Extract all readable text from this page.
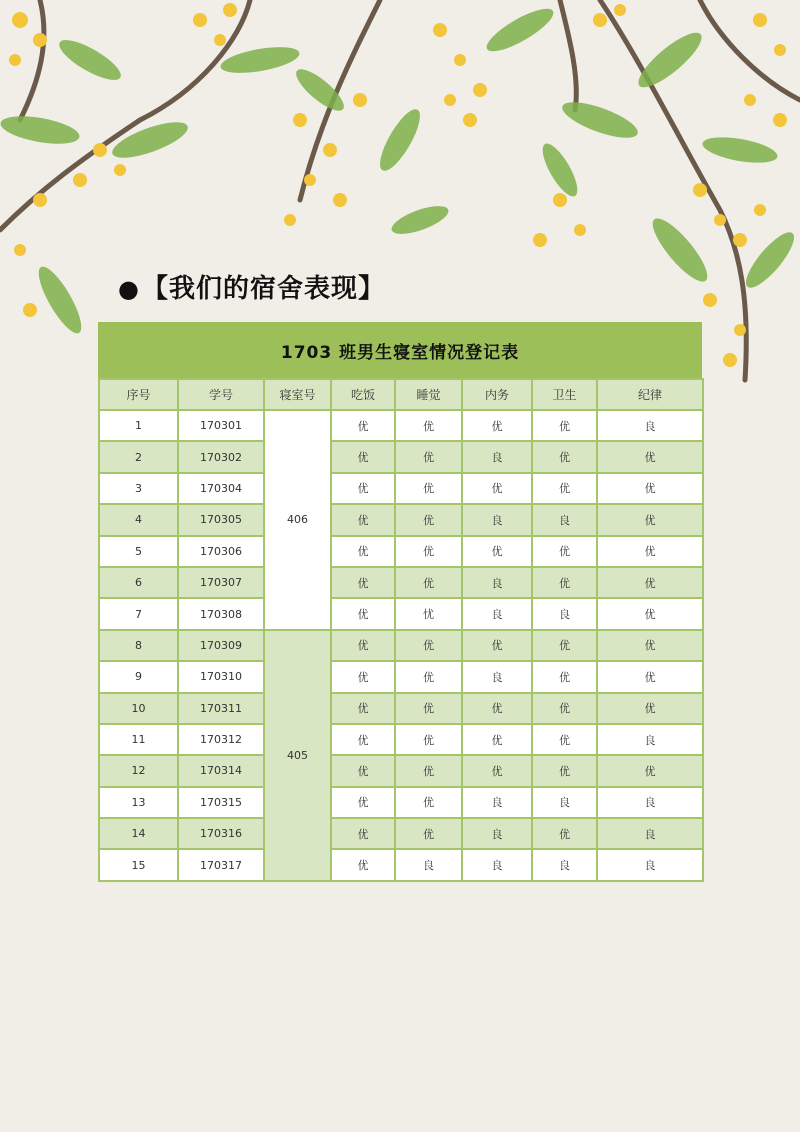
●【我们的宿舍表现】
1703 班男生寝室情况登记表
序号	学号	寝室号	吃饭	睡觉	内务	卫生	纪律
1	170301	406	优	优	优	优	良
2	170302		优	优	良	优	优
3	170304		优	优	优	优	优
4	170305		优	优	良	良	优
5	170306		优	优	优	优	优
6	170307		优	优	良	优	优
7	170308		优	忧	良	良	优
8	170309	405	优	优	优	优	优
9	170310		优	优	良	优	优
10	170311		优	优	优	优	优
11	170312		优	优	优	优	良
12	170314		优	优	优	优	优
13	170315		优	优	良	良	良
14	170316		优	优	良	优	良
15	170317		优	良	良	良	良
